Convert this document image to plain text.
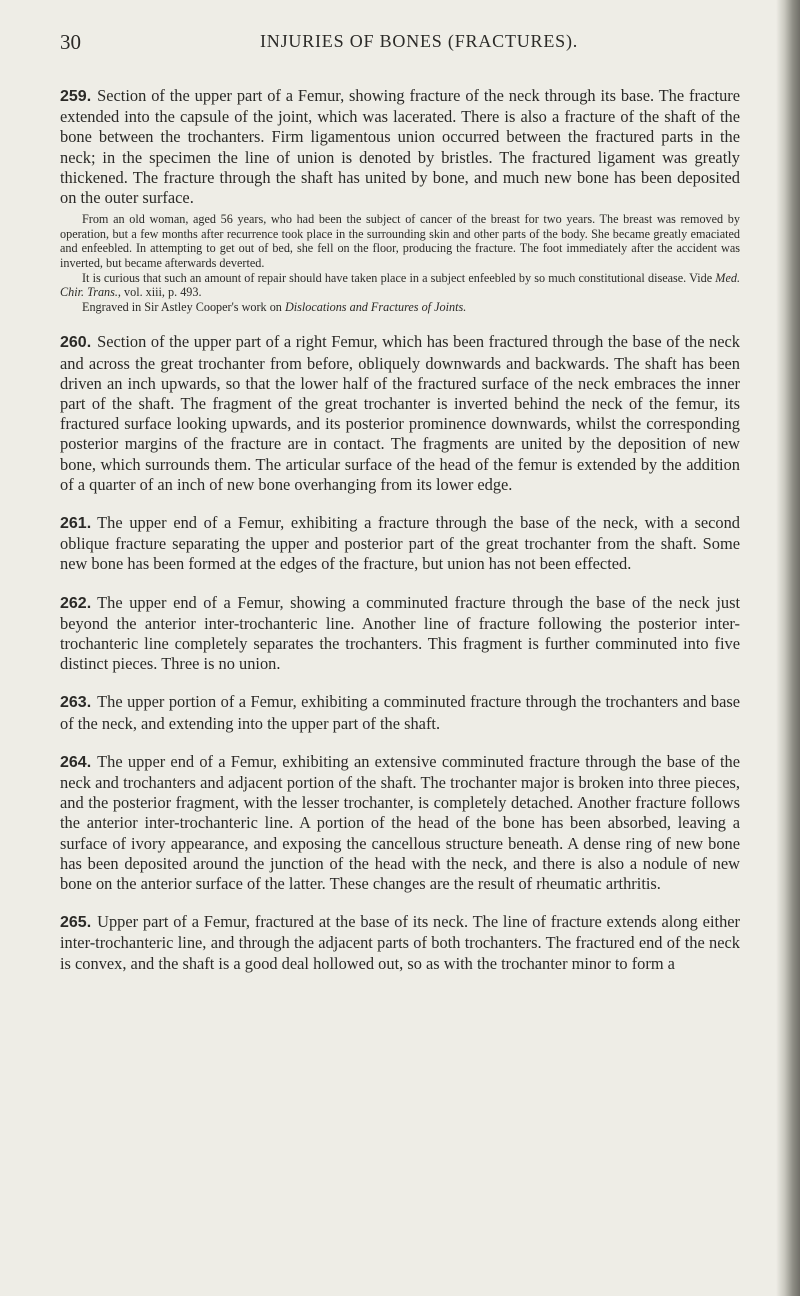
30	INJURIES OF BONES (FRACTURES).

259. Section of the upper part of a Femur, showing fracture of the neck through its base. The fracture extended into the capsule of the joint, which was lacerated. There is also a fracture of the shaft of the bone between the trochanters. Firm ligamentous union occurred between the fractured parts in the neck; in the specimen the line of union is denoted by bristles. The fractured ligament was greatly thickened. The fracture through the shaft has united by bone, and much new bone has been deposited on the outer surface.

From an old woman, aged 56 years, who had been the subject of cancer of the breast for two years. The breast was removed by operation, but a few months after recurrence took place in the surrounding skin and other parts of the body. She became greatly emaciated and enfeebled. In attempting to get out of bed, she fell on the floor, producing the fracture. The foot immediately after the accident was inverted, but became afterwards deverted.

It is curious that such an amount of repair should have taken place in a subject enfeebled by so much constitutional disease. Vide Med. Chir. Trans., vol. xiii, p. 493.

Engraved in Sir Astley Cooper's work on Dislocations and Fractures of Joints.

260. Section of the upper part of a right Femur, which has been fractured through the base of the neck and across the great trochanter from before, obliquely downwards and backwards. The shaft has been driven an inch upwards, so that the lower half of the fractured surface of the neck embraces the inner part of the shaft. The fragment of the great trochanter is inverted behind the neck of the femur, its fractured surface looking upwards, and its posterior prominence downwards, whilst the corresponding posterior margins of the fracture are in contact. The fragments are united by the deposition of new bone, which surrounds them. The articular surface of the head of the femur is extended by the addition of a quarter of an inch of new bone overhanging from its lower edge.

261. The upper end of a Femur, exhibiting a fracture through the base of the neck, with a second oblique fracture separating the upper and posterior part of the great trochanter from the shaft. Some new bone has been formed at the edges of the fracture, but union has not been effected.

262. The upper end of a Femur, showing a comminuted fracture through the base of the neck just beyond the anterior inter-trochanteric line. Another line of fracture following the posterior inter-trochanteric line completely separates the trochanters. This fragment is further comminuted into five distinct pieces. Three is no union.

263. The upper portion of a Femur, exhibiting a comminuted fracture through the trochanters and base of the neck, and extending into the upper part of the shaft.

264. The upper end of a Femur, exhibiting an extensive comminuted fracture through the base of the neck and trochanters and adjacent portion of the shaft. The trochanter major is broken into three pieces, and the posterior fragment, with the lesser trochanter, is completely detached. Another fracture follows the anterior inter-trochanteric line. A portion of the head of the bone has been absorbed, leaving a surface of ivory appearance, and exposing the cancellous structure beneath. A dense ring of new bone has been deposited around the junction of the head with the neck, and there is also a nodule of new bone on the anterior surface of the latter. These changes are the result of rheumatic arthritis.

265. Upper part of a Femur, fractured at the base of its neck. The line of fracture extends along either inter-trochanteric line, and through the adjacent parts of both trochanters. The fractured end of the neck is convex, and the shaft is a good deal hollowed out, so as with the trochanter minor to form a
